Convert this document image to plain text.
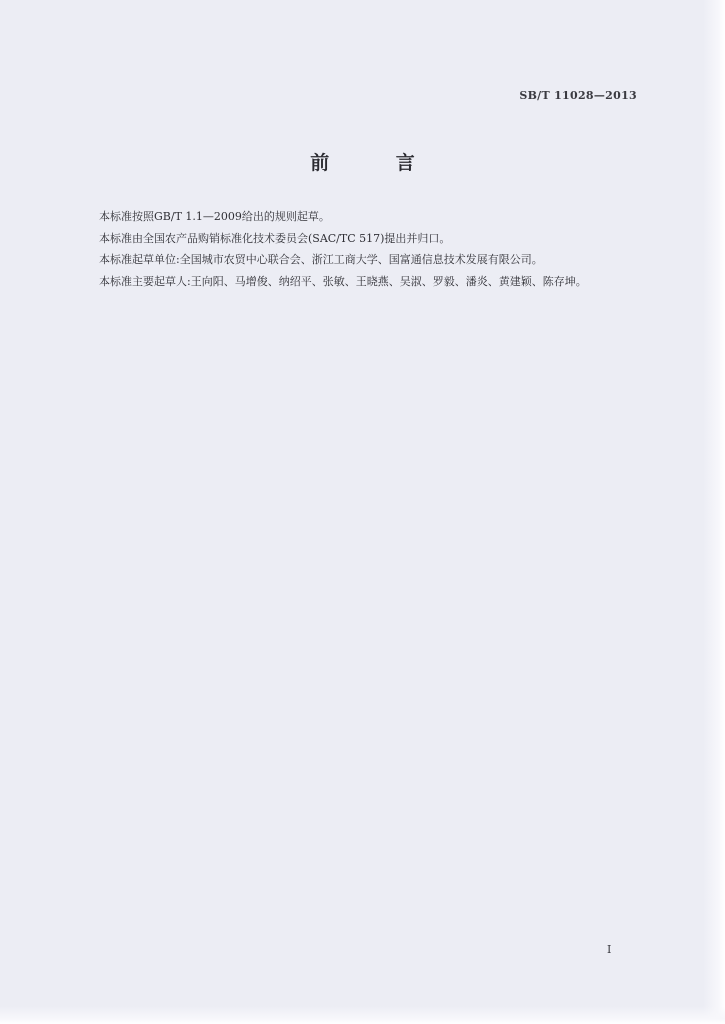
SB/T 11028—2013
前 言

本标准按照GB/T 1.1—2009给出的规则起草。

本标准由全国农产品购销标准化技术委员会(SAC/TC 517)提出并归口。

本标准起草单位:全国城市农贸中心联合会、浙江工商大学、国富通信息技术发展有限公司。

本标准主要起草人:王向阳、马增俊、纳绍平、张敏、王晓燕、吴淑、罗毅、潘炎、黄建颖、陈存坤。

I
